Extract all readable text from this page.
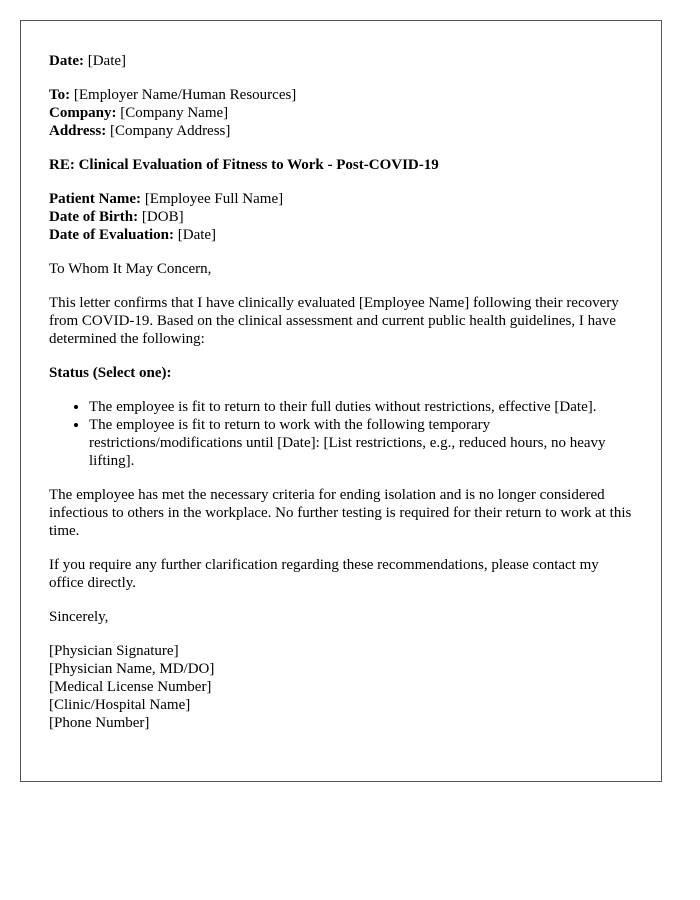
Date: [Date]
To: [Employer Name/Human Resources]
Company: [Company Name]
Address: [Company Address]
RE: Clinical Evaluation of Fitness to Work - Post-COVID-19
Patient Name: [Employee Full Name]
Date of Birth: [DOB]
Date of Evaluation: [Date]

To Whom It May Concern,

This letter confirms that I have clinically evaluated [Employee Name] following their recovery from COVID-19. Based on the clinical assessment and current public health guidelines, I have determined the following:

Status (Select one):
• The employee is fit to return to their full duties without restrictions, effective [Date].
• The employee is fit to return to work with the following temporary restrictions/modifications until [Date]: [List restrictions, e.g., reduced hours, no heavy lifting].

The employee has met the necessary criteria for ending isolation and is no longer considered infectious to others in the workplace. No further testing is required for their return to work at this time.

If you require any further clarification regarding these recommendations, please contact my office directly.

Sincerely,

[Physician Signature]
[Physician Name, MD/DO]
[Medical License Number]
[Clinic/Hospital Name]
[Phone Number]
